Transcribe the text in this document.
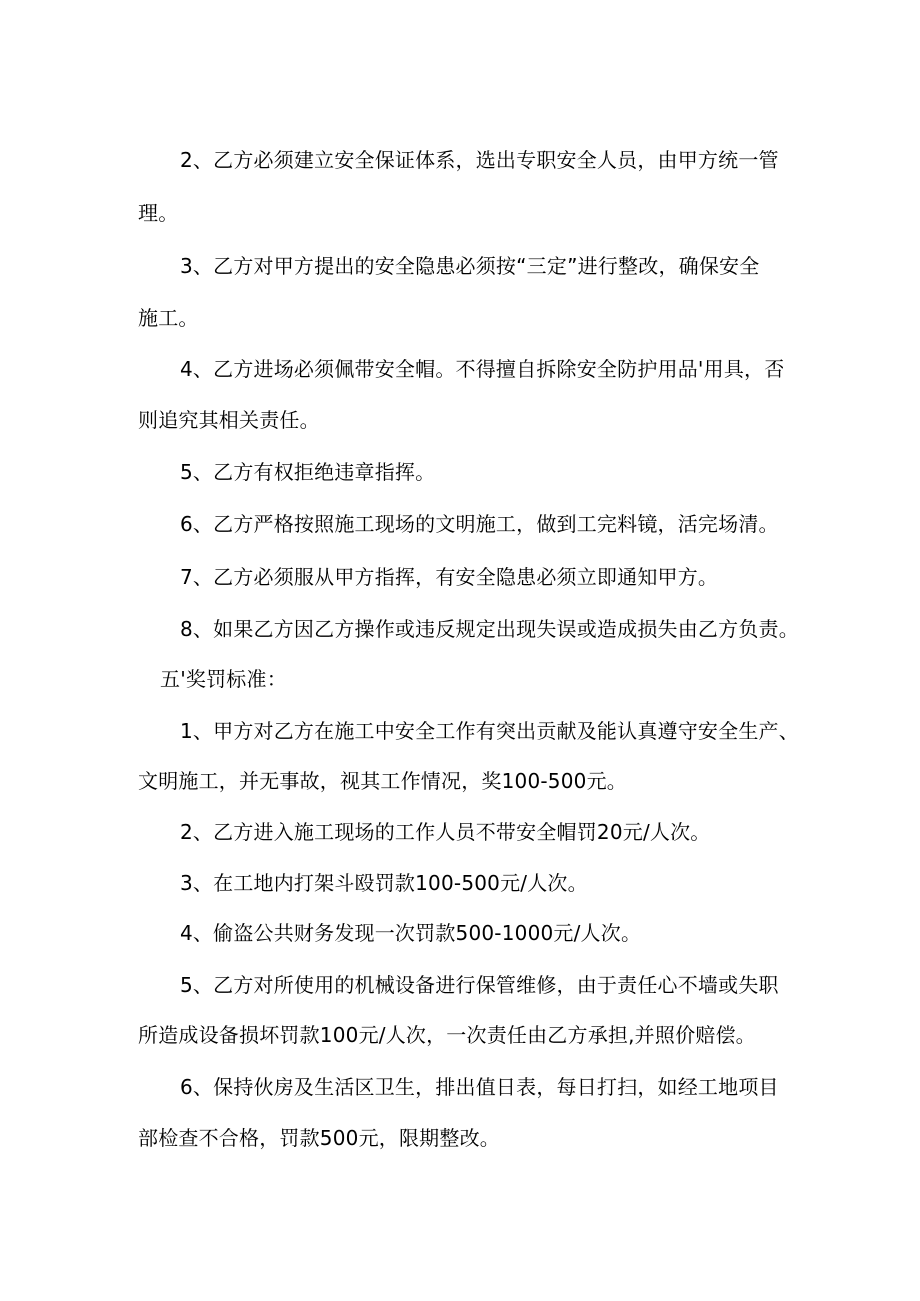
2、乙方必须建立安全保证体系，选出专职安全人员，由甲方统一管
理。
3、乙方对甲方提出的安全隐患必须按“三定”进行整改，确保安全
施工。
4、乙方进场必须佩带安全帽。不得擅自拆除安全防护用品'用具，否
则追究其相关责任。
5、乙方有权拒绝违章指挥。
6、乙方严格按照施工现场的文明施工，做到工完料镜，活完场清。
7、乙方必须服从甲方指挥，有安全隐患必须立即通知甲方。
8、如果乙方因乙方操作或违反规定出现失误或造成损失由乙方负责。
五'奖罚标准：
1、甲方对乙方在施工中安全工作有突出贡献及能认真遵守安全生产、
文明施工，并无事故，视其工作情况，奖100-500元。
2、乙方进入施工现场的工作人员不带安全帽罚20元/人次。
3、在工地内打架斗殴罚款100-500元/人次。
4、偷盗公共财务发现一次罚款500-1000元/人次。
5、乙方对所使用的机械设备进行保管维修，由于责任心不墙或失职
所造成设备损坏罚款100元/人次，一次责任由乙方承担,并照价赔偿。
6、保持伙房及生活区卫生，排出值日表，每日打扫，如经工地项目
部检查不合格，罚款500元，限期整改。
